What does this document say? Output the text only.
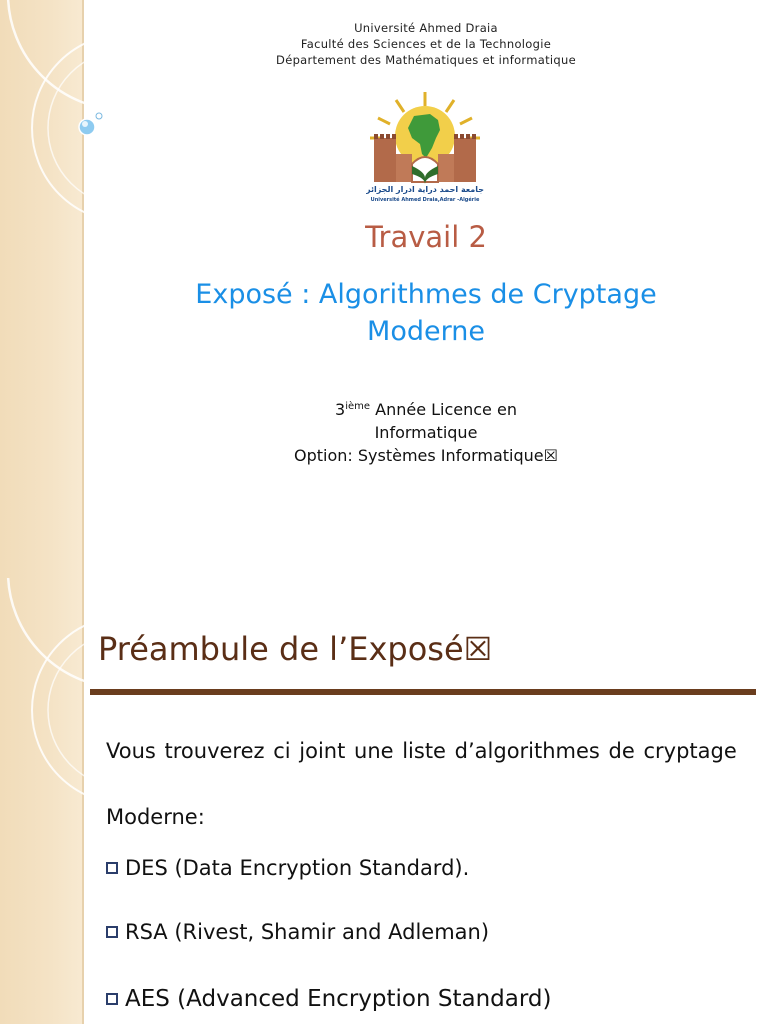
Université Ahmed Draia
Faculté des Sciences et de la Technologie
Département des Mathématiques et informatique
جامعة احمد دراية ادرار الجزائر
Université Ahmed Draia,Adrar -Algérie
Travail 2
Exposé : Algorithmes de Cryptage
Moderne
3ième Année Licence en
Informatique
Option: Systèmes Informatique☒
Préambule de l’Exposé☒
Vous trouverez ci joint une liste d’algorithmes de cryptage Moderne:
DES (Data Encryption Standard).
RSA (Rivest, Shamir and Adleman)
AES (Advanced Encryption Standard)
